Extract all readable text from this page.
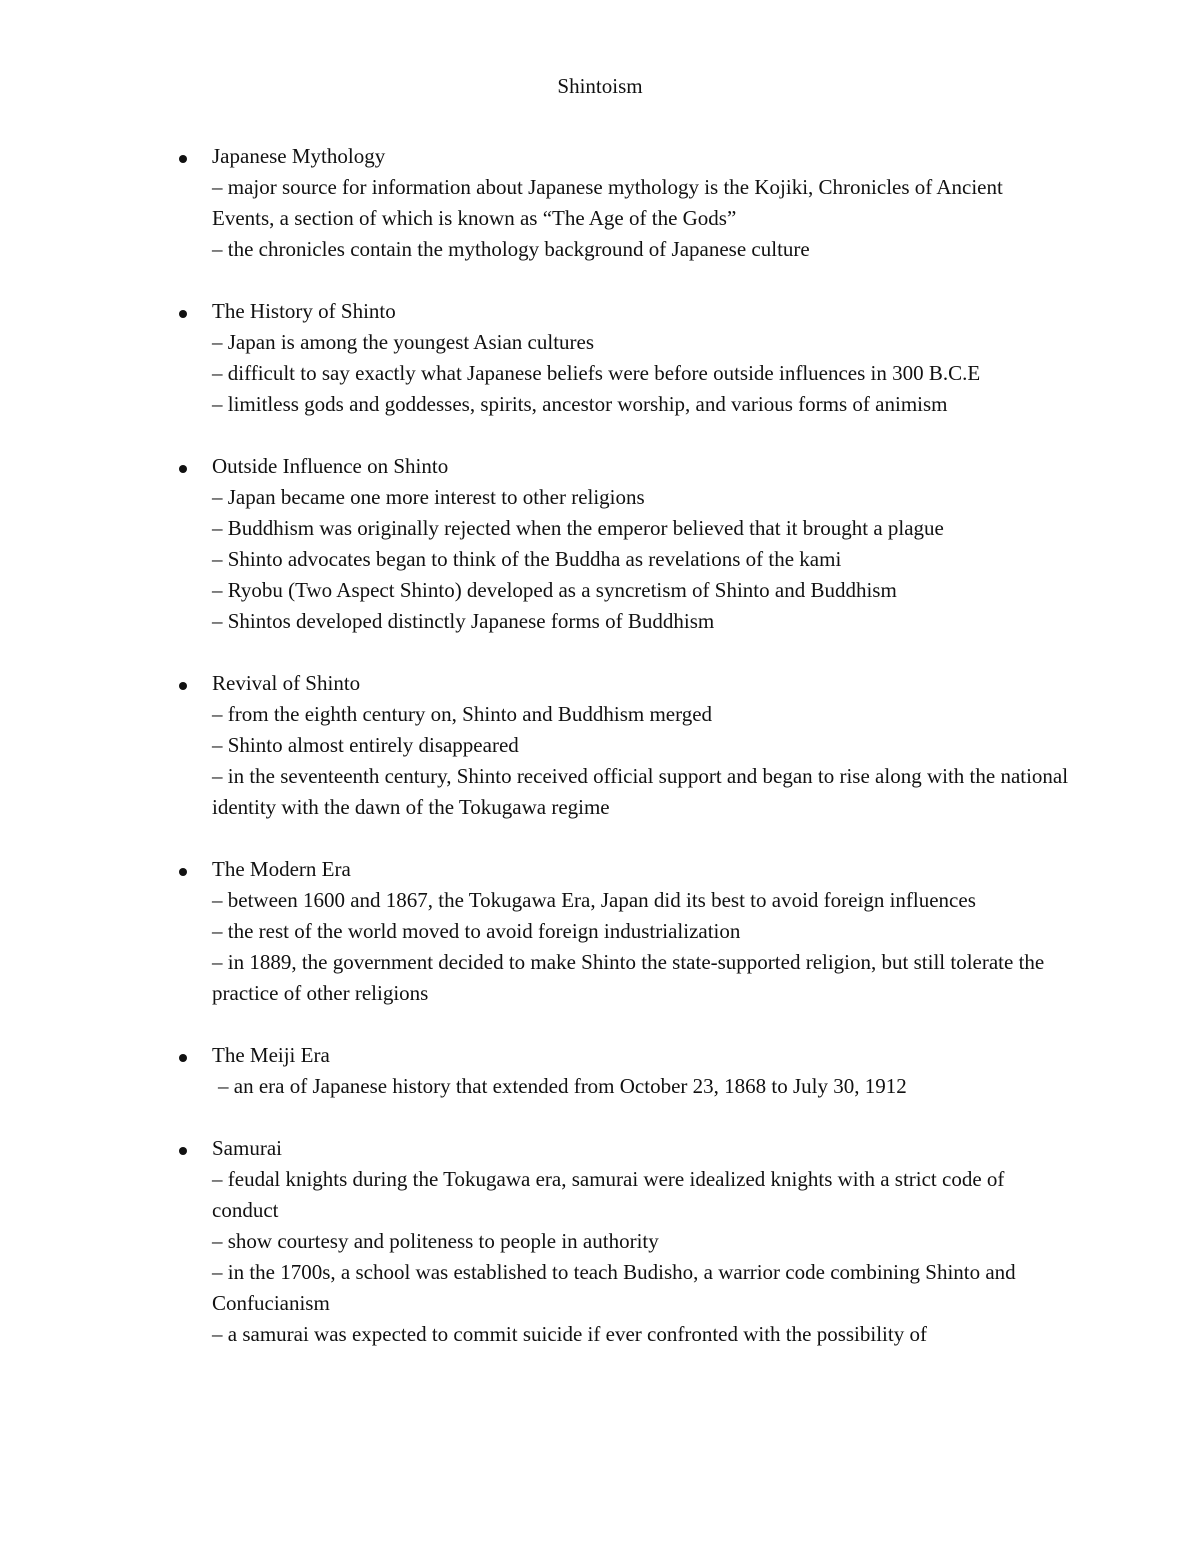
Shintoism
Japanese Mythology
– major source for information about Japanese mythology is the Kojiki, Chronicles of Ancient Events, a section of which is known as “The Age of the Gods”
– the chronicles contain the mythology background of Japanese culture
The History of Shinto
– Japan is among the youngest Asian cultures
– difficult to say exactly what Japanese beliefs were before outside influences in 300 B.C.E
– limitless gods and goddesses, spirits, ancestor worship, and various forms of animism
Outside Influence on Shinto
– Japan became one more interest to other religions
– Buddhism was originally rejected when the emperor believed that it brought a plague
– Shinto advocates began to think of the Buddha as revelations of the kami
– Ryobu (Two Aspect Shinto) developed as a syncretism of Shinto and Buddhism
– Shintos developed distinctly Japanese forms of Buddhism
Revival of Shinto
– from the eighth century on, Shinto and Buddhism merged
– Shinto almost entirely disappeared
– in the seventeenth century, Shinto received official support and began to rise along with the national identity with the dawn of the Tokugawa regime
The Modern Era
– between 1600 and 1867, the Tokugawa Era, Japan did its best to avoid foreign influences
– the rest of the world moved to avoid foreign industrialization
– in 1889, the government decided to make Shinto the state-supported religion, but still tolerate the practice of other religions
The Meiji Era
– an era of Japanese history that extended from October 23, 1868 to July 30, 1912
Samurai
– feudal knights during the Tokugawa era, samurai were idealized knights with a strict code of conduct
– show courtesy and politeness to people in authority
– in the 1700s, a school was established to teach Budisho, a warrior code combining Shinto and Confucianism
– a samurai was expected to commit suicide if ever confronted with the possibility of
